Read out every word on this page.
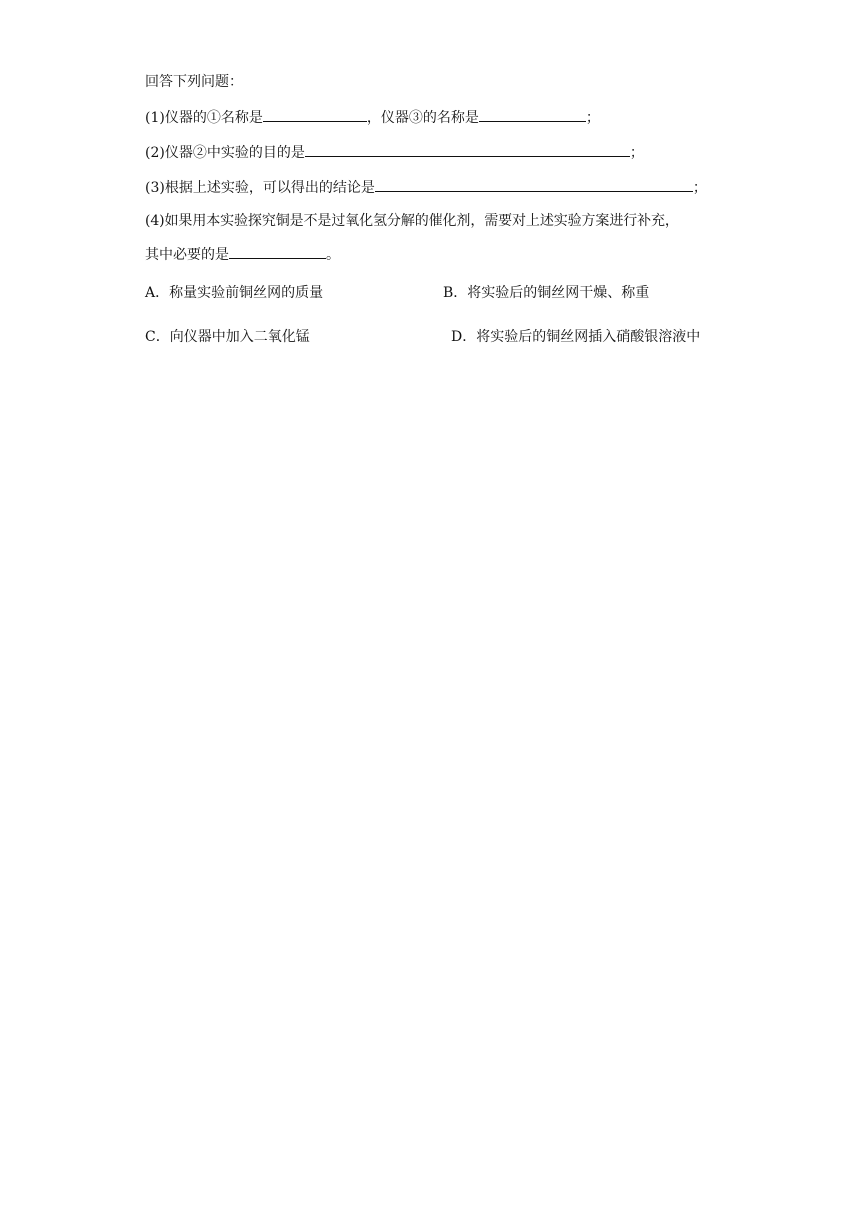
回答下列问题：
(1)仪器的①名称是	，仪器③的名称是	；
(2)仪器②中实验的目的是	；
(3)根据上述实验，可以得出的结论是	；
(4)如果用本实验探究铜是不是过氧化氢分解的催化剂，需要对上述实验方案进行补充，
其中必要的是	。
A．称量实验前铜丝网的质量	B．将实验后的铜丝网干燥、称重
C．向仪器中加入二氧化锰	D．将实验后的铜丝网插入硝酸银溶液中
